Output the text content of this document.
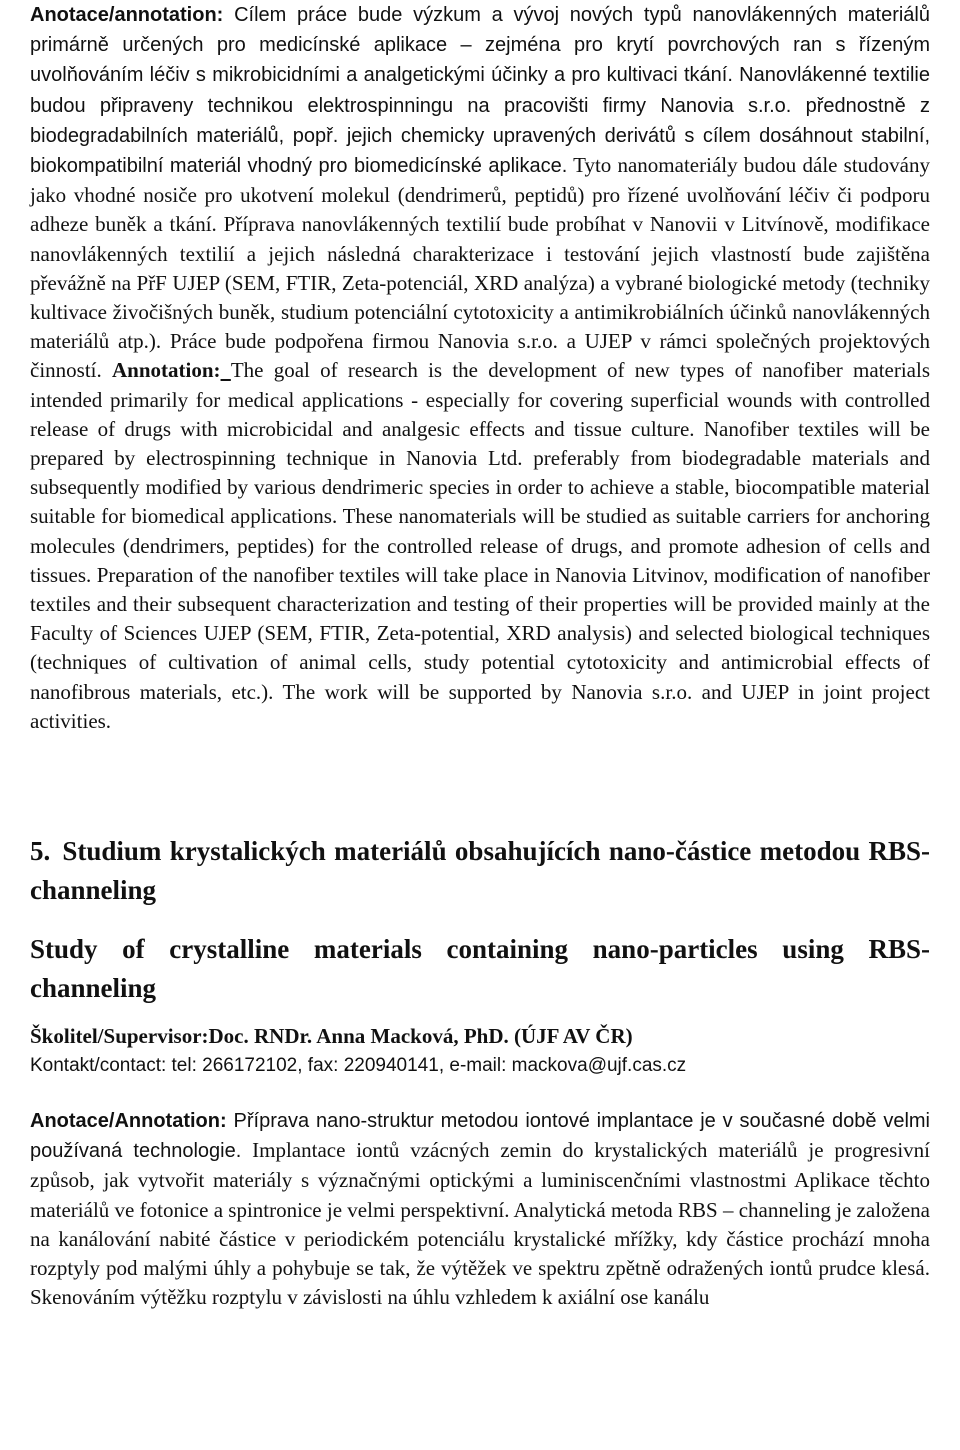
Anotace/annotation: Cílem práce bude výzkum a vývoj nových typů nanovlákenných materiálů primárně určených pro medicínské aplikace – zejména pro krytí povrchových ran s řízeným uvolňováním léčiv s mikrobicidními a analgetickými účinky a pro kultivaci tkání. Nanovlákenné textilie budou připraveny technikou elektrospinningu na pracovišti firmy Nanovia s.r.o. přednostně z biodegradabilních materiálů, popř. jejich chemicky upravených derivátů s cílem dosáhnout stabilní, biokompatibilní materiál vhodný pro biomedicínské aplikace. Tyto nanomateriály budou dále studovány jako vhodné nosiče pro ukotvení molekul (dendrimerů, peptidů) pro řízené uvolňování léčiv či podporu adheze buněk a tkání. Příprava nanovlákenných textilií bude probíhat v Nanovii v Litvínově, modifikace nanovlákenných textilií a jejich následná charakterizace i testování jejich vlastností bude zajištěna převážně na PřF UJEP (SEM, FTIR, Zeta-potenciál, XRD analýza) a vybrané biologické metody (techniky kultivace živočišných buněk, studium potenciální cytotoxicity a antimikrobiálních účinků nanovlákenných materiálů atp.). Práce bude podpořena firmou Nanovia s.r.o. a UJEP v rámci společných projektových činností. Annotation: The goal of research is the development of new types of nanofiber materials intended primarily for medical applications - especially for covering superficial wounds with controlled release of drugs with microbicidal and analgesic effects and tissue culture. Nanofiber textiles will be prepared by electrospinning technique in Nanovia Ltd. preferably from biodegradable materials and subsequently modified by various dendrimeric species in order to achieve a stable, biocompatible material suitable for biomedical applications. These nanomaterials will be studied as suitable carriers for anchoring molecules (dendrimers, peptides) for the controlled release of drugs, and promote adhesion of cells and tissues. Preparation of the nanofiber textiles will take place in Nanovia Litvinov, modification of nanofiber textiles and their subsequent characterization and testing of their properties will be provided mainly at the Faculty of Sciences UJEP (SEM, FTIR, Zeta-potential, XRD analysis) and selected biological techniques (techniques of cultivation of animal cells, study potential cytotoxicity and antimicrobial effects of nanofibrous materials, etc.). The work will be supported by Nanovia s.r.o. and UJEP in joint project activities.

5. Studium krystalických materiálů obsahujících nano-částice metodou RBS-channeling

Study of crystalline materials containing nano-particles using RBS-channeling

Školitel/Supervisor:Doc. RNDr. Anna Macková, PhD. (ÚJF AV ČR)

Kontakt/contact: tel: 266172102, fax: 220940141, e-mail: mackova@ujf.cas.cz

Anotace/Annotation: Příprava nano-struktur metodou iontové implantace je v současné době velmi používaná technologie. Implantace iontů vzácných zemin do krystalických materiálů je progresivní způsob, jak vytvořit materiály s význačnými optickými a luminiscenčními vlastnostmi Aplikace těchto materiálů ve fotonice a spintronice je velmi perspektivní. Analytická metoda RBS – channeling je založena na kanálování nabité částice v periodickém potenciálu krystalické mřížky, kdy částice prochází mnoha rozptyly pod malými úhly a pohybuje se tak, že výtěžek ve spektru zpětně odražených iontů prudce klesá. Skenováním výtěžku rozptylu v závislosti na úhlu vzhledem k axiální ose kanálu
